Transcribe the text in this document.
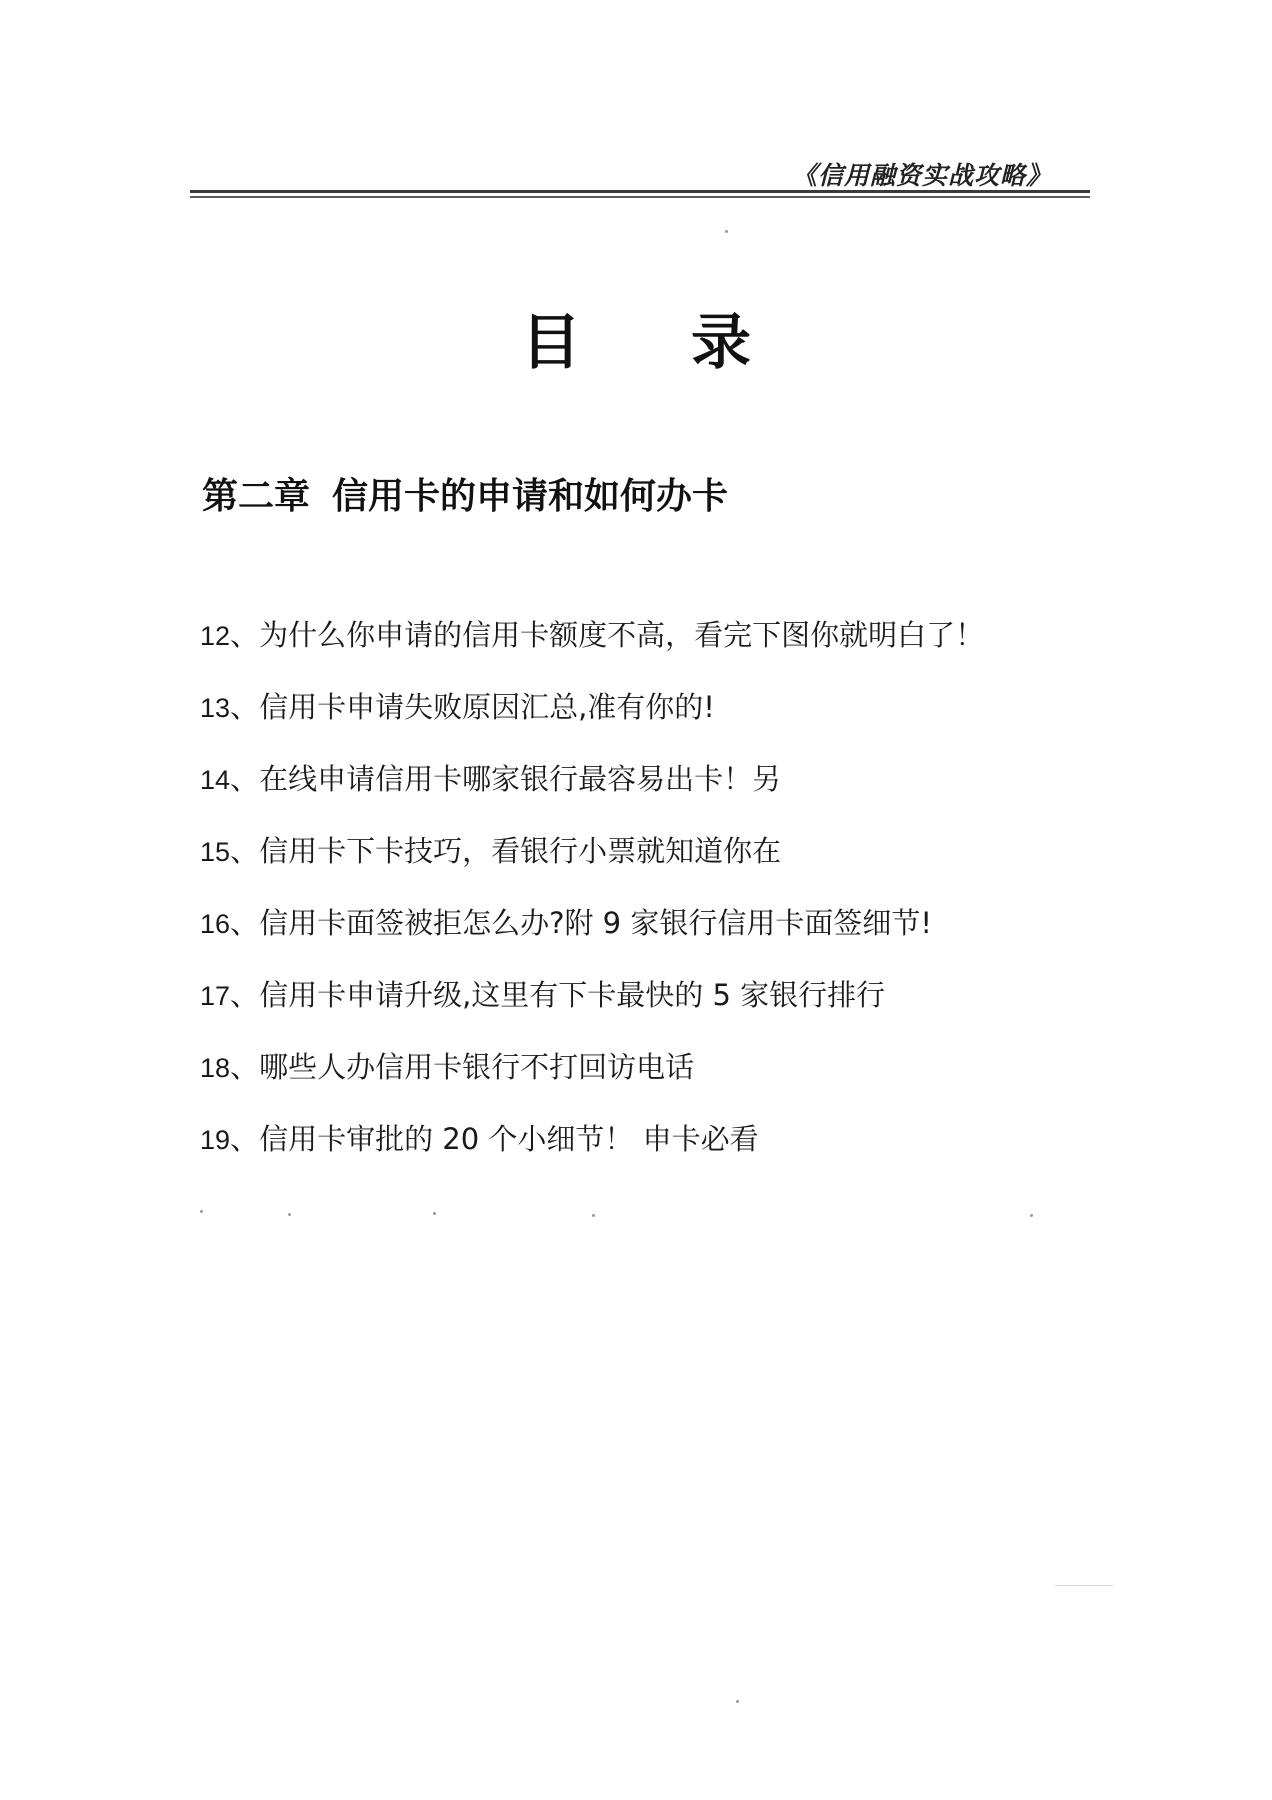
《信用融资实战攻略》
目录
第二章 信用卡的申请和如何办卡
12、为什么你申请的信用卡额度不高，看完下图你就明白了！
13、信用卡申请失败原因汇总,准有你的!
14、在线申请信用卡哪家银行最容易出卡！另
15、信用卡下卡技巧，看银行小票就知道你在
16、信用卡面签被拒怎么办?附 9 家银行信用卡面签细节!
17、信用卡申请升级,这里有下卡最快的 5 家银行排行
18、哪些人办信用卡银行不打回访电话
19、信用卡审批的 20 个小细节！ 申卡必看
